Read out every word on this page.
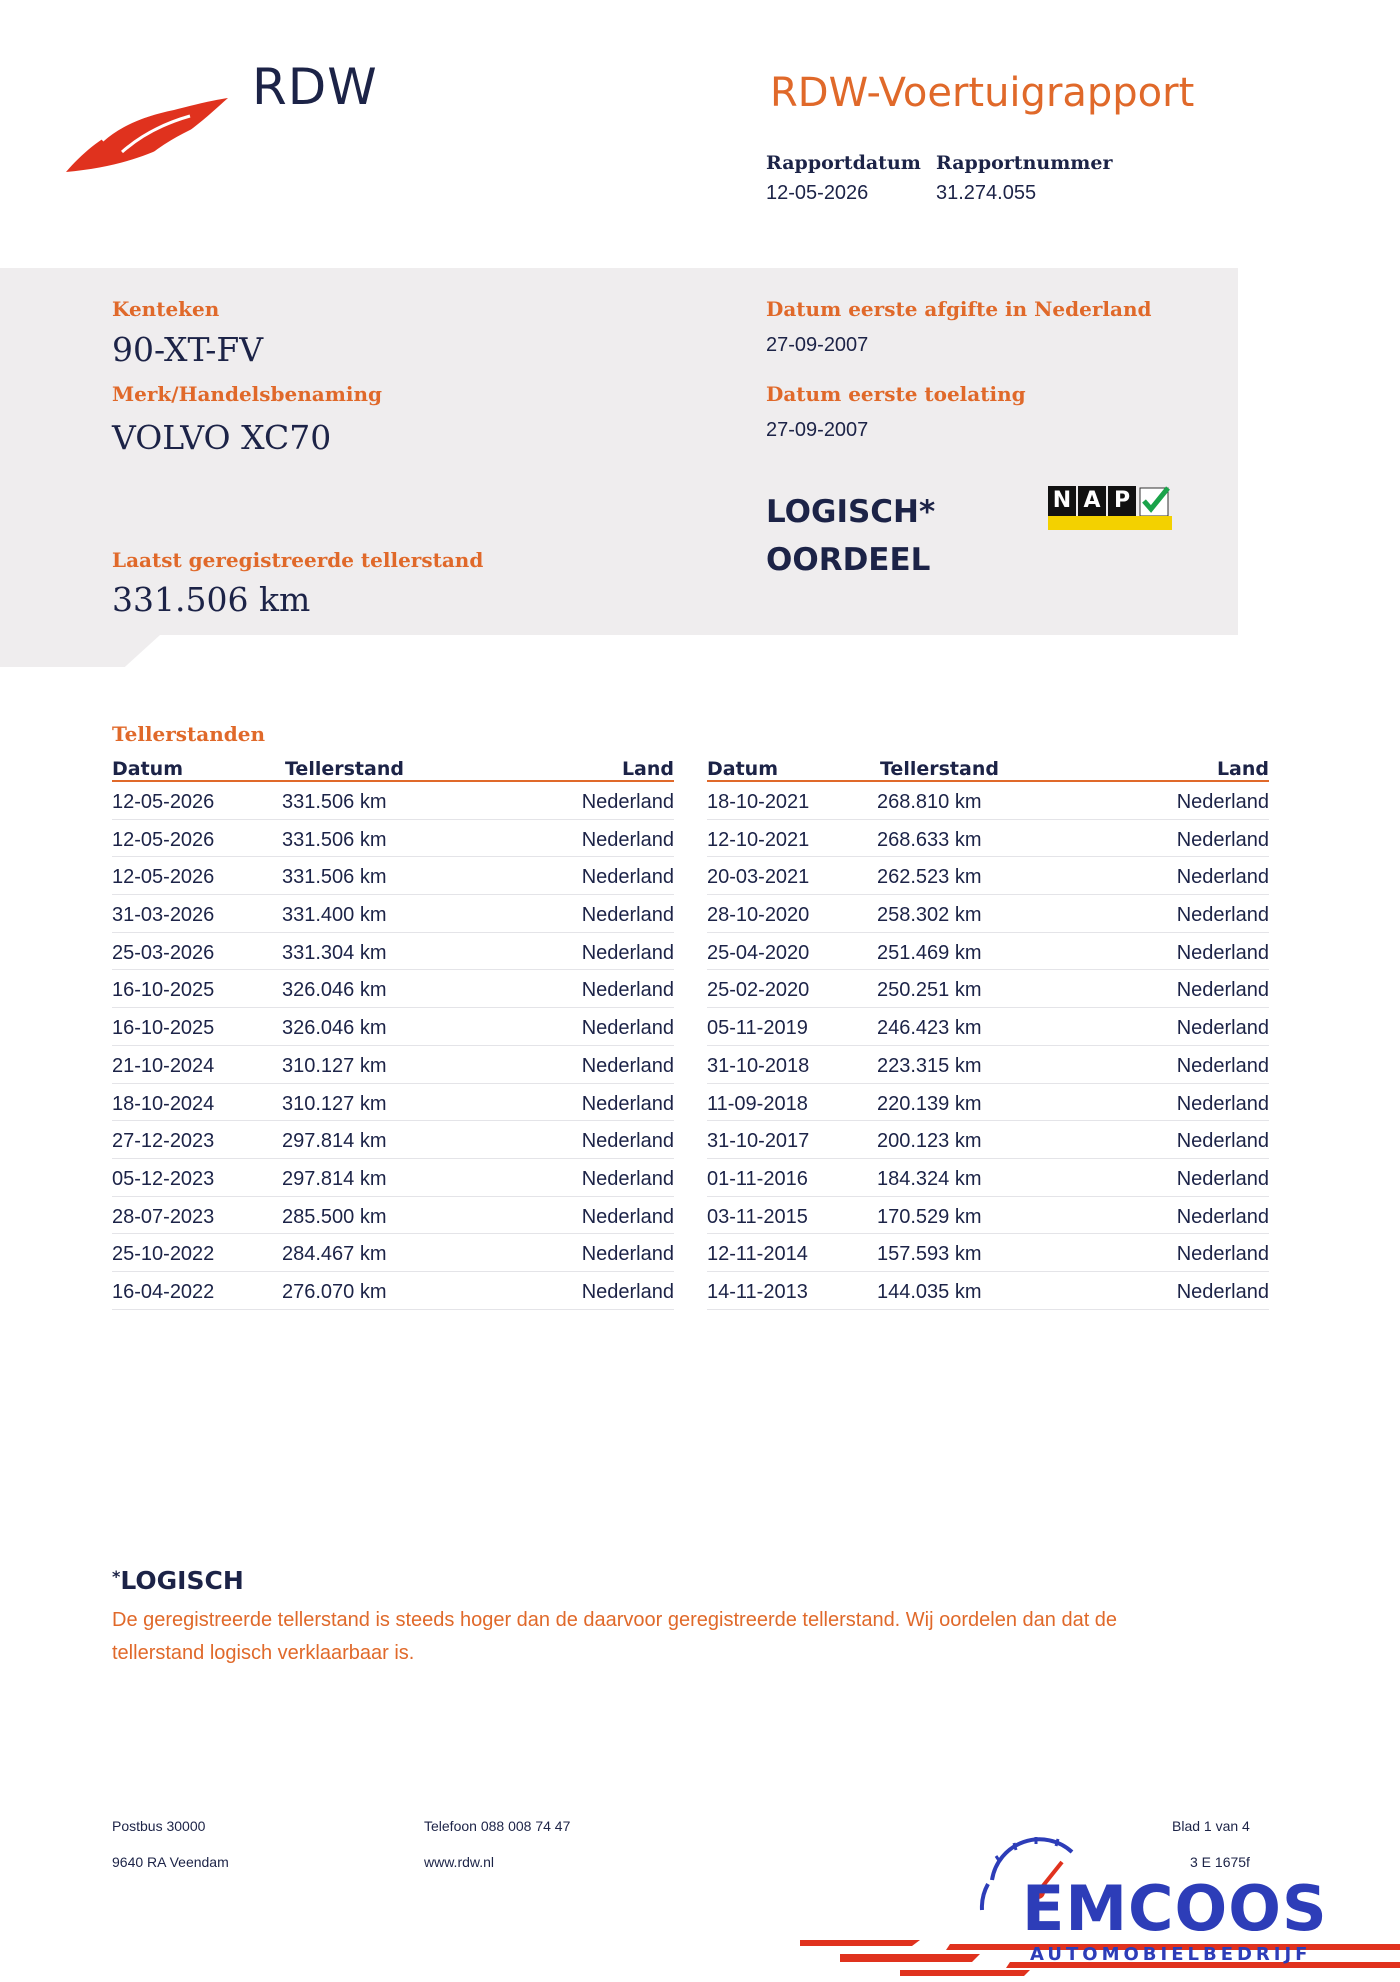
RDW	RDW-Voertuigrapport
Rapportdatum
12-05-2026
Rapportnummer
31.274.055
Kenteken
90-XT-FV
Merk/Handelsbenaming
VOLVO XC70
Datum eerste afgifte in Nederland
27-09-2007
Datum eerste toelating
27-09-2007
LOGISCH*
OORDEEL
N A P
Laatst geregistreerde tellerstand
331.506 km
Tellerstanden
Datum	Tellerstand	Land
12-05-2026	331.506 km	Nederland
12-05-2026	331.506 km	Nederland
12-05-2026	331.506 km	Nederland
31-03-2026	331.400 km	Nederland
25-03-2026	331.304 km	Nederland
16-10-2025	326.046 km	Nederland
16-10-2025	326.046 km	Nederland
21-10-2024	310.127 km	Nederland
18-10-2024	310.127 km	Nederland
27-12-2023	297.814 km	Nederland
05-12-2023	297.814 km	Nederland
28-07-2023	285.500 km	Nederland
25-10-2022	284.467 km	Nederland
16-04-2022	276.070 km	Nederland
Datum	Tellerstand	Land
18-10-2021	268.810 km	Nederland
12-10-2021	268.633 km	Nederland
20-03-2021	262.523 km	Nederland
28-10-2020	258.302 km	Nederland
25-04-2020	251.469 km	Nederland
25-02-2020	250.251 km	Nederland
05-11-2019	246.423 km	Nederland
31-10-2018	223.315 km	Nederland
11-09-2018	220.139 km	Nederland
31-10-2017	200.123 km	Nederland
01-11-2016	184.324 km	Nederland
03-11-2015	170.529 km	Nederland
12-11-2014	157.593 km	Nederland
14-11-2013	144.035 km	Nederland
*LOGISCH
De geregistreerde tellerstand is steeds hoger dan de daarvoor geregistreerde tellerstand. Wij oordelen dan dat de tellerstand logisch verklaarbaar is.
Postbus 30000
9640 RA Veendam
Telefoon 088 008 74 47
www.rdw.nl
Blad 1 van 4
3 E 1675f
EMCOOS
AUTOMOBIELBEDRIJF
